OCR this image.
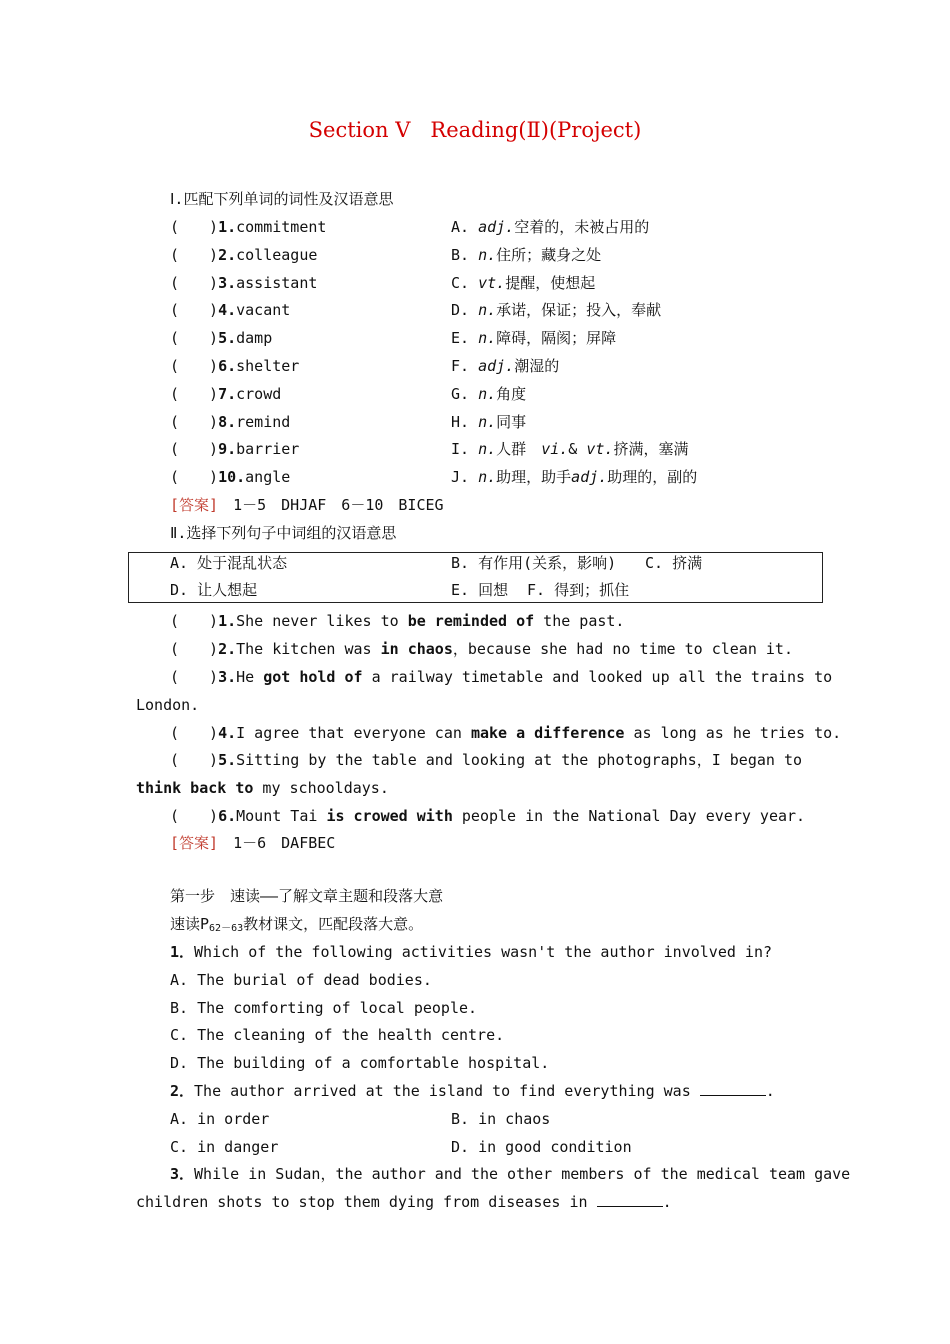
Section Ⅴ Reading(Ⅱ)(Project)
Ⅰ.匹配下列单词的词性及汉语意思
(　　)1.commitment	A. adj.空着的，未被占用的
(　　)2.colleague	B. n.住所；藏身之处
(　　)3.assistant	C. vt.提醒，使想起
(　　)4.vacant	D. n.承诺，保证；投入，奉献
(　　)5.damp	E. n.障碍，隔阂；屏障
(　　)6.shelter	F. adj.潮湿的
(　　)7.crowd	G. n.角度
(　　)8.remind	H. n.同事
(　　)9.barrier	I. n.人群　 vi.& vt.挤满，塞满
(　　)10.angle	J. n.助理，助手adj.助理的，副的
[答案]　 1－5　DHJAF　6－10　BICEG
Ⅱ.选择下列句子中词组的汉语意思
A. 处于混乱状态	B. 有作用(关系，影响) C. 挤满
D. 让人想起	E. 回想 F. 得到；抓住
(　　)1.She never likes to be reminded of the past.
(　　)2.The kitchen was in chaos，because she had no time to clean it.
(　　)3.He got hold of a railway timetable and looked up all the trains to
London.
(　　)4.I agree that everyone can make a difference as long as he tries to.
(　　)5.Sitting by the table and looking at the photographs，I began to
think back to my schooldays.
(　　)6.Mount Tai is crowed with people in the National Day every year.
[答案]　 1－6　DAFBEC
第一步　速读——了解文章主题和段落大意
速读$P_{62-63}$教材课文，匹配段落大意。
1．Which of the following activities wasn't the author involved in?
A. The burial of dead bodies.
B. The comforting of local people.
C. The cleaning of the health centre.
D. The building of a comfortable hospital.
2．The author arrived at the island to find everything was	.
A. in order	B. in chaos
C. in danger	D. in good condition
3．While in Sudan，the author and the other members of the medical team gave
children shots to stop them dying from diseases in	.
